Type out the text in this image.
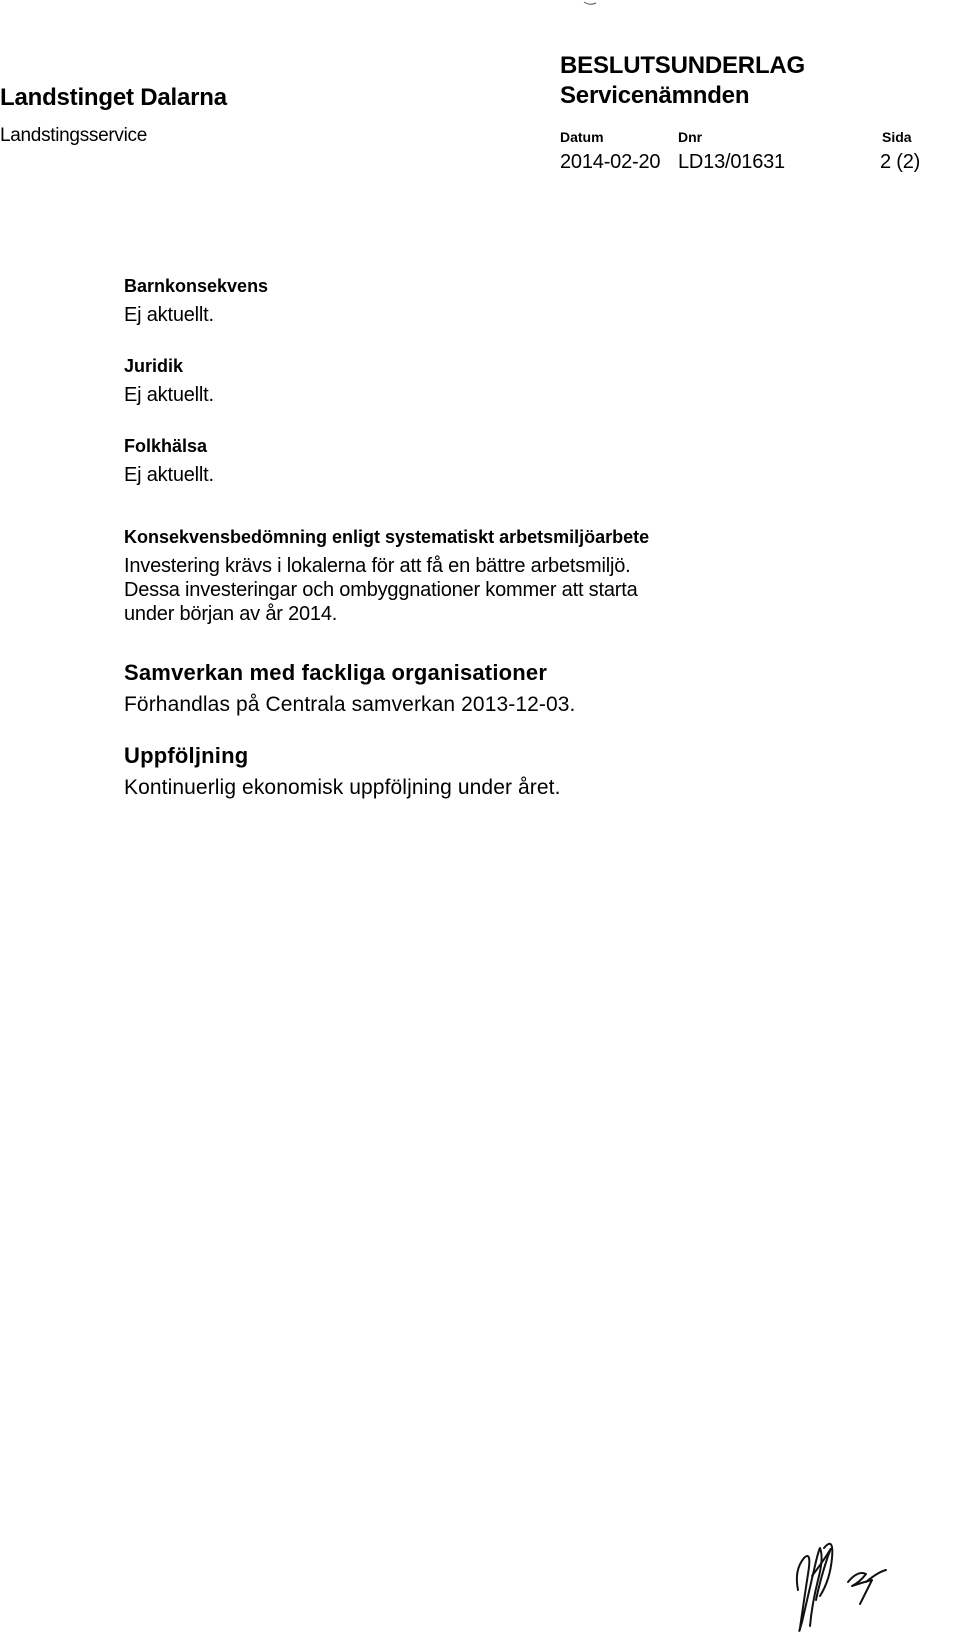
Landstinget Dalarna
Landstingsservice
BESLUTSUNDERLAG
Servicenämnden
Datum	Dnr	Sida
2014-02-20 LD13/01631	2 (2)
Barnkonsekvens
Ej aktuellt.
Juridik
Ej aktuellt.
Folkhälsa
Ej aktuellt.
Konsekvensbedömning enligt systematiskt arbetsmiljöarbete
Investering krävs i lokalerna för att få en bättre arbetsmiljö.
Dessa investeringar och ombyggnationer kommer att starta
under början av år 2014.
Samverkan med fackliga organisationer
Förhandlas på Centrala samverkan 2013-12-03.
Uppföljning
Kontinuerlig ekonomisk uppföljning under året.
